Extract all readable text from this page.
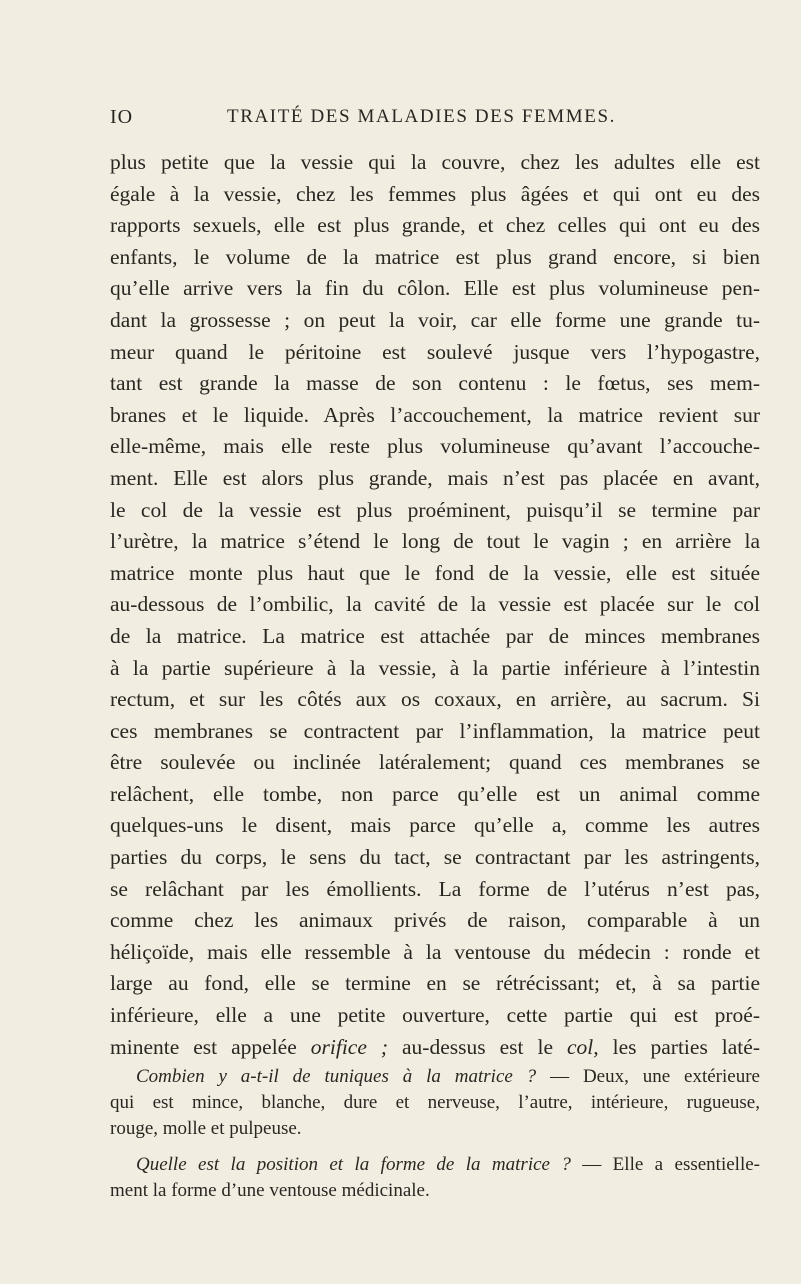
IO	TRAITÉ DES MALADIES DES FEMMES.
plus petite que la vessie qui la couvre, chez les adultes elle est
égale à la vessie, chez les femmes plus âgées et qui ont eu des
rapports sexuels, elle est plus grande, et chez celles qui ont eu des
enfants, le volume de la matrice est plus grand encore, si bien
qu’elle arrive vers la fin du côlon. Elle est plus volumineuse pen-
dant la grossesse ; on peut la voir, car elle forme une grande tu-
meur quand le péritoine est soulevé jusque vers l’hypogastre,
tant est grande la masse de son contenu : le fœtus, ses mem-
branes et le liquide. Après l’accouchement, la matrice revient sur
elle-même, mais elle reste plus volumineuse qu’avant l’accouche-
ment. Elle est alors plus grande, mais n’est pas placée en avant,
le col de la vessie est plus proéminent, puisqu’il se termine par
l’urètre, la matrice s’étend le long de tout le vagin ; en arrière la
matrice monte plus haut que le fond de la vessie, elle est située
au-dessous de l’ombilic, la cavité de la vessie est placée sur le col
de la matrice. La matrice est attachée par de minces membranes
à la partie supérieure à la vessie, à la partie inférieure à l’intestin
rectum, et sur les côtés aux os coxaux, en arrière, au sacrum. Si
ces membranes se contractent par l’inflammation, la matrice peut
être soulevée ou inclinée latéralement; quand ces membranes se
relâchent, elle tombe, non parce qu’elle est un animal comme
quelques-uns le disent, mais parce qu’elle a, comme les autres
parties du corps, le sens du tact, se contractant par les astringents,
se relâchant par les émollients. La forme de l’utérus n’est pas,
comme chez les animaux privés de raison, comparable à un
héliçoïde, mais elle ressemble à la ventouse du médecin : ronde et
large au fond, elle se termine en se rétrécissant; et, à sa partie
inférieure, elle a une petite ouverture, cette partie qui est proé-
minente est appelée orifice ; au-dessus est le col, les parties laté-
Combien y a-t-il de tuniques à la matrice ? — Deux, une extérieure
qui est mince, blanche, dure et nerveuse, l’autre, intérieure, rugueuse,
rouge, molle et pulpeuse.
Quelle est la position et la forme de la matrice ? — Elle a essentielle-
ment la forme d’une ventouse médicinale.
